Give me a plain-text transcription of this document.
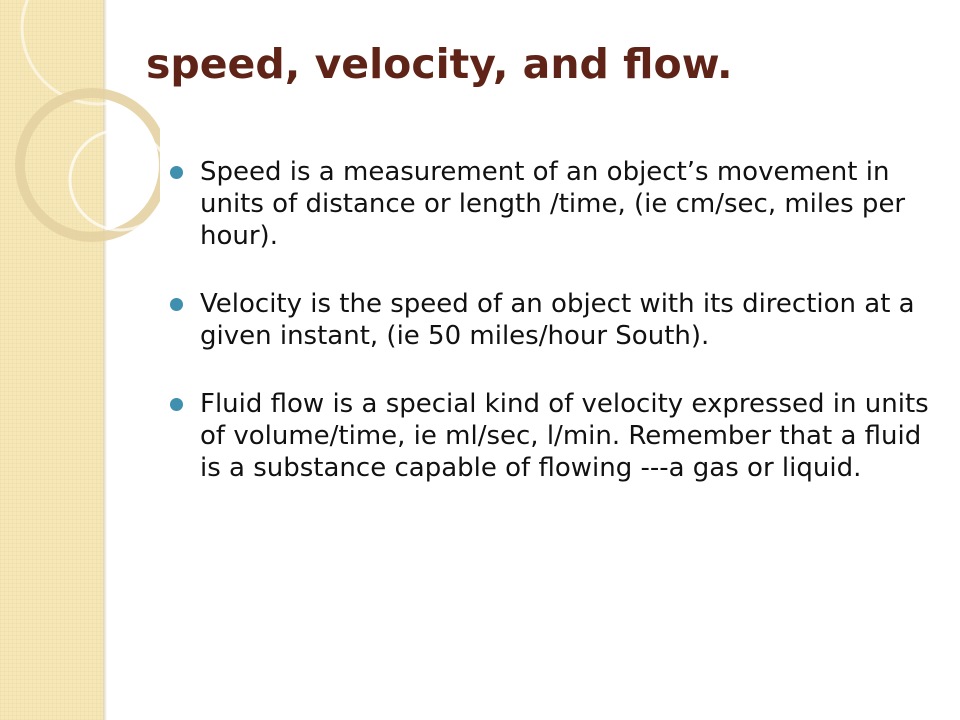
speed, velocity, and flow.
Speed is a measurement of an object’s movement in units of distance or length /time, (ie cm/sec, miles per hour).
Velocity is the speed of an object with its direction at a given instant, (ie 50 miles/hour South).
Fluid flow is a special kind of velocity expressed in units of volume/time, ie ml/sec, l/min. Remember that a fluid is a substance capable of flowing ---a gas or liquid.
